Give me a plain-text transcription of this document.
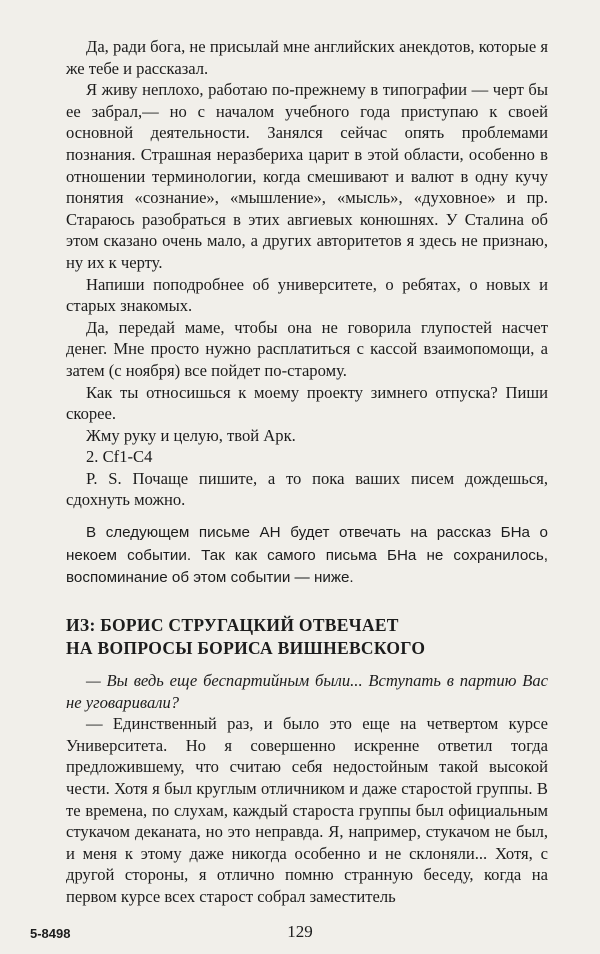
Да, ради бога, не присылай мне английских анекдотов, которые я же тебе и рассказал.

Я живу неплохо, работаю по-прежнему в типографии — черт бы ее забрал,— но с началом учебного года приступаю к своей основной деятельности. Занялся сейчас опять проблемами познания. Страшная неразбериха царит в этой области, особенно в отношении терминологии, когда смешивают и валют в одну кучу понятия «сознание», «мышление», «мысль», «духовное» и пр. Стараюсь разобраться в этих авгиевых конюшнях. У Сталина об этом сказано очень мало, а других авторитетов я здесь не признаю, ну их к черту.

Напиши поподробнее об университете, о ребятах, о новых и старых знакомых.

Да, передай маме, чтобы она не говорила глупостей насчет денег. Мне просто нужно расплатиться с кассой взаимопомощи, а затем (с ноября) все пойдет по-старому.

Как ты относишься к моему проекту зимнего отпуска? Пиши скорее.

Жму руку и целую, твой Арк.

2. Cf1-C4

P. S. Почаще пишите, а то пока ваших писем дождешься, сдохнуть можно.

В следующем письме АН будет отвечать на рассказ БНа о некоем событии. Так как самого письма БНа не сохранилось, воспоминание об этом событии — ниже.

ИЗ: БОРИС СТРУГАЦКИЙ ОТВЕЧАЕТ
НА ВОПРОСЫ БОРИСА ВИШНЕВСКОГО

— Вы ведь еще беспартийным были... Вступать в партию Вас не уговаривали?

— Единственный раз, и было это еще на четвертом курсе Университета. Но я совершенно искренне ответил тогда предложившему, что считаю себя недостойным такой высокой чести. Хотя я был круглым отличником и даже старостой группы. В те времена, по слухам, каждый староста группы был официальным стукачом деканата, но это неправда. Я, например, стукачом не был, и меня к этому даже никогда особенно и не склоняли... Хотя, с другой стороны, я отлично помню странную беседу, когда на первом курсе всех старост собрал заместитель

5-8498	129
